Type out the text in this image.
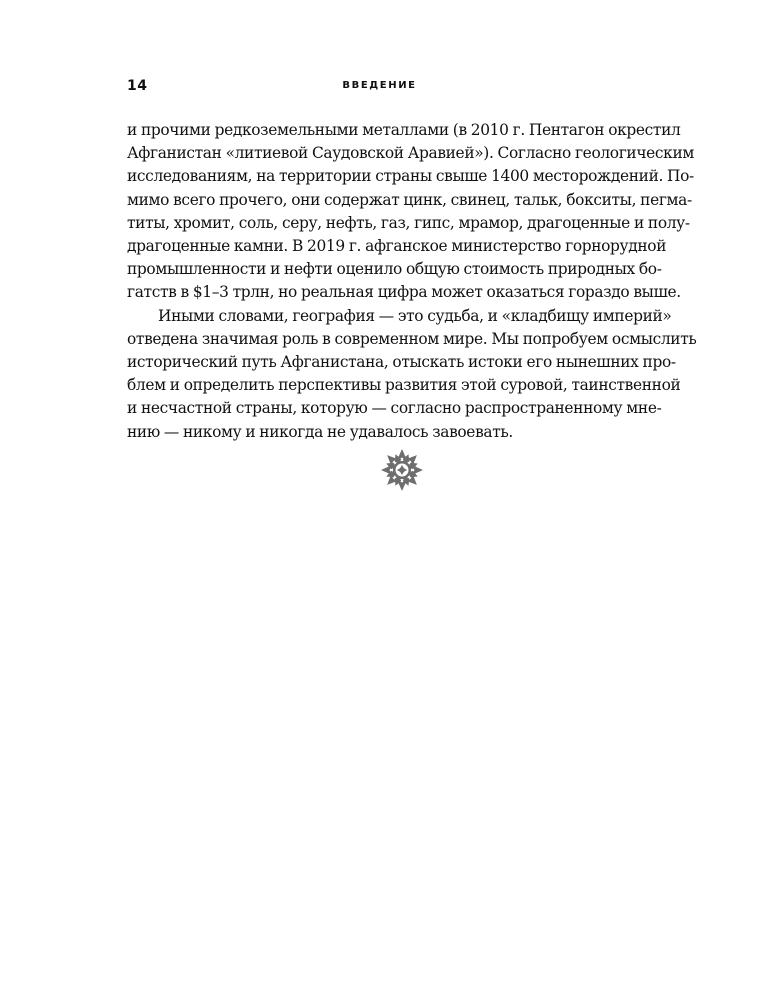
14	ВВЕДЕНИЕ

и прочими редкоземельными металлами (в 2010 г. Пентагон окрестил
Афганистан «литиевой Саудовской Аравией»). Согласно геологическим
исследованиям, на территории страны свыше 1400 месторождений. По-
мимо всего прочего, они содержат цинк, свинец, тальк, бокситы, пегма-
титы, хромит, соль, серу, нефть, газ, гипс, мрамор, драгоценные и полу-
драгоценные камни. В 2019 г. афганское министерство горнорудной
промышленности и нефти оценило общую стоимость природных бо-
гатств в $1–3 трлн, но реальная цифра может оказаться гораздо выше.

Иными словами, география — это судьба, и «кладбищу империй»
отведена значимая роль в современном мире. Мы попробуем осмыслить
исторический путь Афганистана, отыскать истоки его нынешних про-
блем и определить перспективы развития этой суровой, таинственной
и несчастной страны, которую — согласно распространенному мне-
нию — никому и никогда не удавалось завоевать.
